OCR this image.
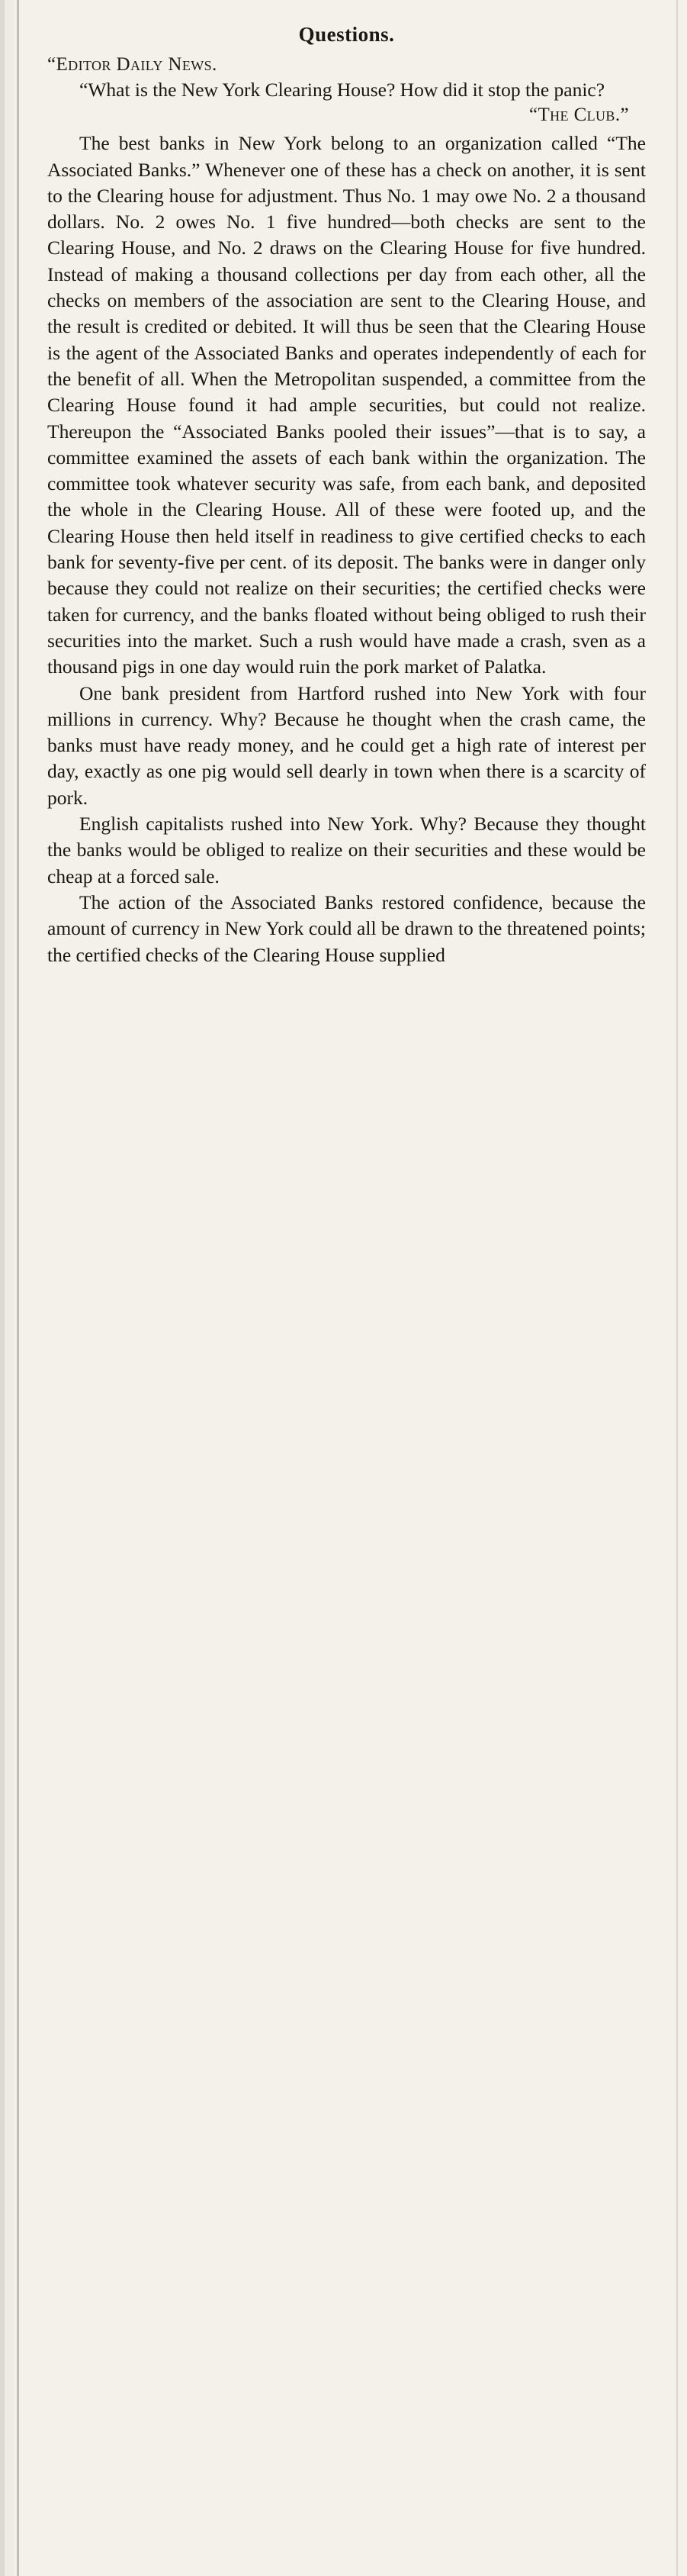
Questions.

“Editor Daily News.

“What is the New York Clearing House? How did it stop the panic?

“The Club.”

The best banks in New York belong to an organization called “The Associated Banks.” Whenever one of these has a check on another, it is sent to the Clearing house for adjustment. Thus No. 1 may owe No. 2 a thousand dollars. No. 2 owes No. 1 five hundred—both checks are sent to the Clearing House, and No. 2 draws on the Clearing House for five hundred. Instead of making a thousand collections per day from each other, all the checks on members of the association are sent to the Clearing House, and the result is credited or debited. It will thus be seen that the Clearing House is the agent of the Associated Banks and operates independently of each for the benefit of all. When the Metropolitan suspended, a committee from the Clearing House found it had ample securities, but could not realize. Thereupon the “Associated Banks pooled their issues”—that is to say, a committee examined the assets of each bank within the organization. The committee took whatever security was safe, from each bank, and deposited the whole in the Clearing House. All of these were footed up, and the Clearing House then held itself in readiness to give certified checks to each bank for seventy-five per cent. of its deposit. The banks were in danger only because they could not realize on their securities; the certified checks were taken for currency, and the banks floated without being obliged to rush their securities into the market. Such a rush would have made a crash, sven as a thousand pigs in one day would ruin the pork market of Palatka.

One bank president from Hartford rushed into New York with four millions in currency. Why? Because he thought when the crash came, the banks must have ready money, and he could get a high rate of interest per day, exactly as one pig would sell dearly in town when there is a scarcity of pork.

English capitalists rushed into New York. Why? Because they thought the banks would be obliged to realize on their securities and these would be cheap at a forced sale.

The action of the Associated Banks restored confidence, because the amount of currency in New York could all be drawn to the threatened points; the certified checks of the Clearing House supplied
